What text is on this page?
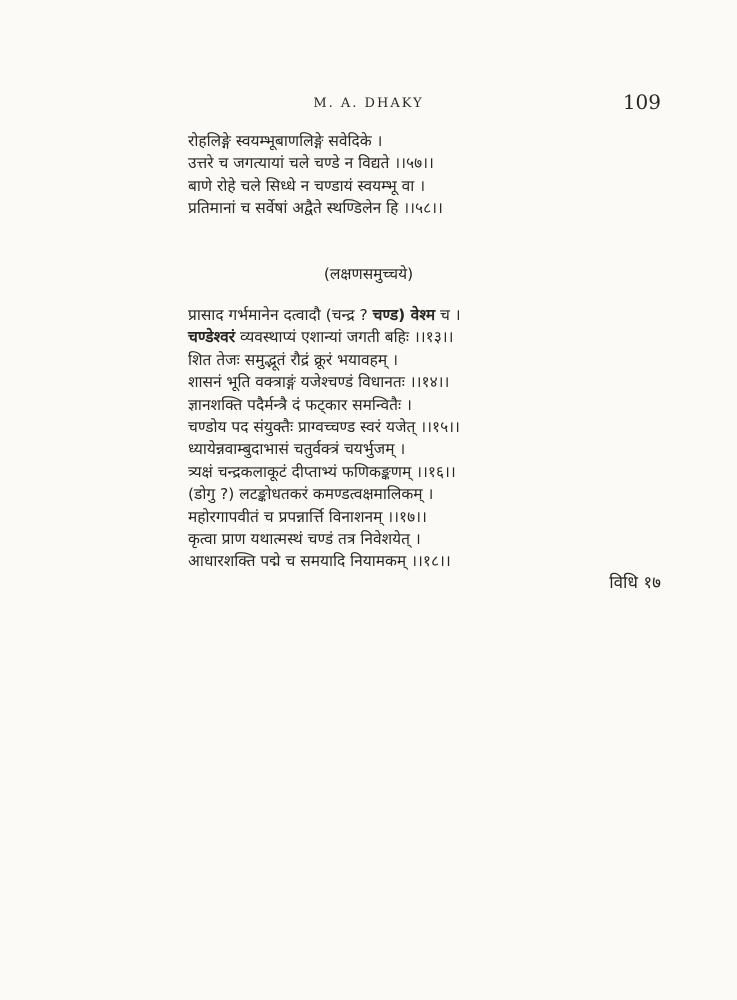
M. A. DHAKY	109
रोहलिङ्गे स्वयम्भूबाणलिङ्गे सवेदिके ।
उत्तरे च जगत्यायां चले चण्डे न विद्यते ।।५७।।
बाणे रोहे चले सिध्धे न चण्डायं स्वयम्भू वा ।
प्रतिमानां च सर्वेषां अद्वैते स्थण्डिलेन हि ।।५८।।
(लक्षणसमुच्चये)
प्रासाद गर्भमानेन दत्वादौ (चन्द्र ? चण्ड) वेश्म च ।
चण्डेश्वरं व्यवस्थाप्यं एशान्यां जगती बहिः ।।१३।।
शित तेजः समुद्भूतं रौद्रं क्रूरं भयावहम् ।
शासनं भूति वक्त्राङ्गं यजेश्चण्डं विधानतः ।।१४।।
ज्ञानशक्ति पदैर्मन्त्रै दं फट्कार समन्वितैः ।
चण्डोय पद संयुक्तैः प्राग्वच्चण्ड स्वरं यजेत् ।।१५।।
ध्यायेन्नवाम्बुदाभासं चतुर्वक्त्रं चयर्भुजम् ।
त्र्यक्षं चन्द्रकलाकूटं दीप्ताभ्यं फणिकङ्कणम् ।।१६।।
(डोगु ?) लटङ्कोधतकरं कमण्डत्वक्षमालिकम् ।
महोरगापवीतं च प्रपन्नार्त्ति विनाशनम् ।।१७।।
कृत्वा प्राण यथात्मस्थं चण्डं तत्र निवेशयेत् ।
आधारशक्ति पद्मे च समयादि नियामकम् ।।१८।।
विधि १७
